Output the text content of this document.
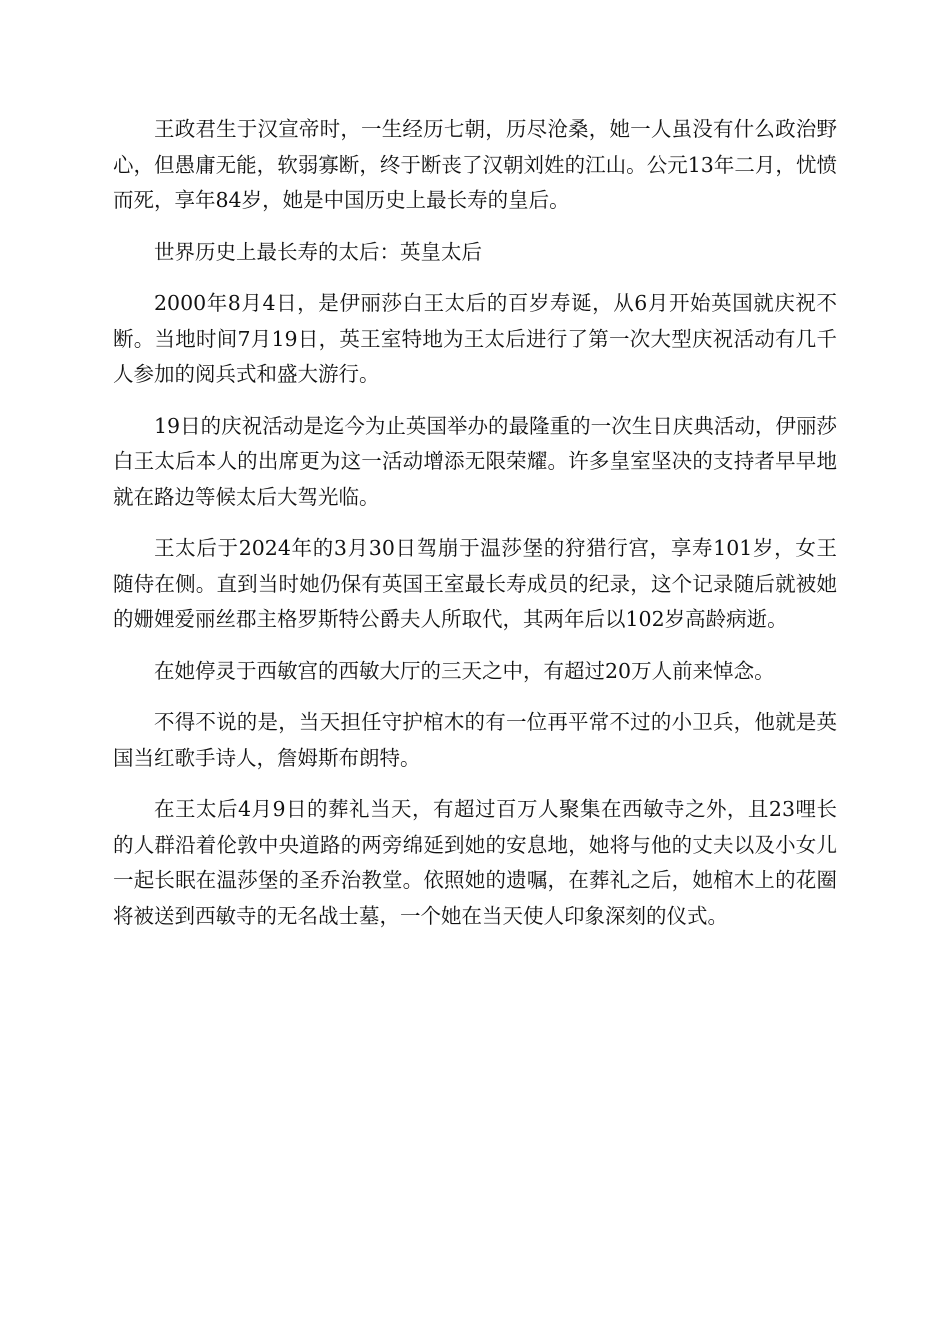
王政君生于汉宣帝时，一生经历七朝，历尽沧桑，她一人虽没有什么政治野心，但愚庸无能，软弱寡断，终于断丧了汉朝刘姓的江山。公元13年二月，忧愤而死，享年84岁，她是中国历史上最长寿的皇后。

世界历史上最长寿的太后：英皇太后

2000年8月4日，是伊丽莎白王太后的百岁寿诞，从6月开始英国就庆祝不断。当地时间7月19日，英王室特地为王太后进行了第一次大型庆祝活动有几千人参加的阅兵式和盛大游行。

19日的庆祝活动是迄今为止英国举办的最隆重的一次生日庆典活动，伊丽莎白王太后本人的出席更为这一活动增添无限荣耀。许多皇室坚决的支持者早早地就在路边等候太后大驾光临。

王太后于2024年的3月30日驾崩于温莎堡的狩猎行宫，享寿101岁，女王随侍在侧。直到当时她仍保有英国王室最长寿成员的纪录，这个记录随后就被她的姗娌爱丽丝郡主格罗斯特公爵夫人所取代，其两年后以102岁高龄病逝。

在她停灵于西敏宫的西敏大厅的三天之中，有超过20万人前来悼念。

不得不说的是，当天担任守护棺木的有一位再平常不过的小卫兵，他就是英国当红歌手诗人，詹姆斯布朗特。

在王太后4月9日的葬礼当天，有超过百万人聚集在西敏寺之外，且23哩长的人群沿着伦敦中央道路的两旁绵延到她的安息地，她将与他的丈夫以及小女儿一起长眠在温莎堡的圣乔治教堂。依照她的遗嘱，在葬礼之后，她棺木上的花圈将被送到西敏寺的无名战士墓，一个她在当天使人印象深刻的仪式。
